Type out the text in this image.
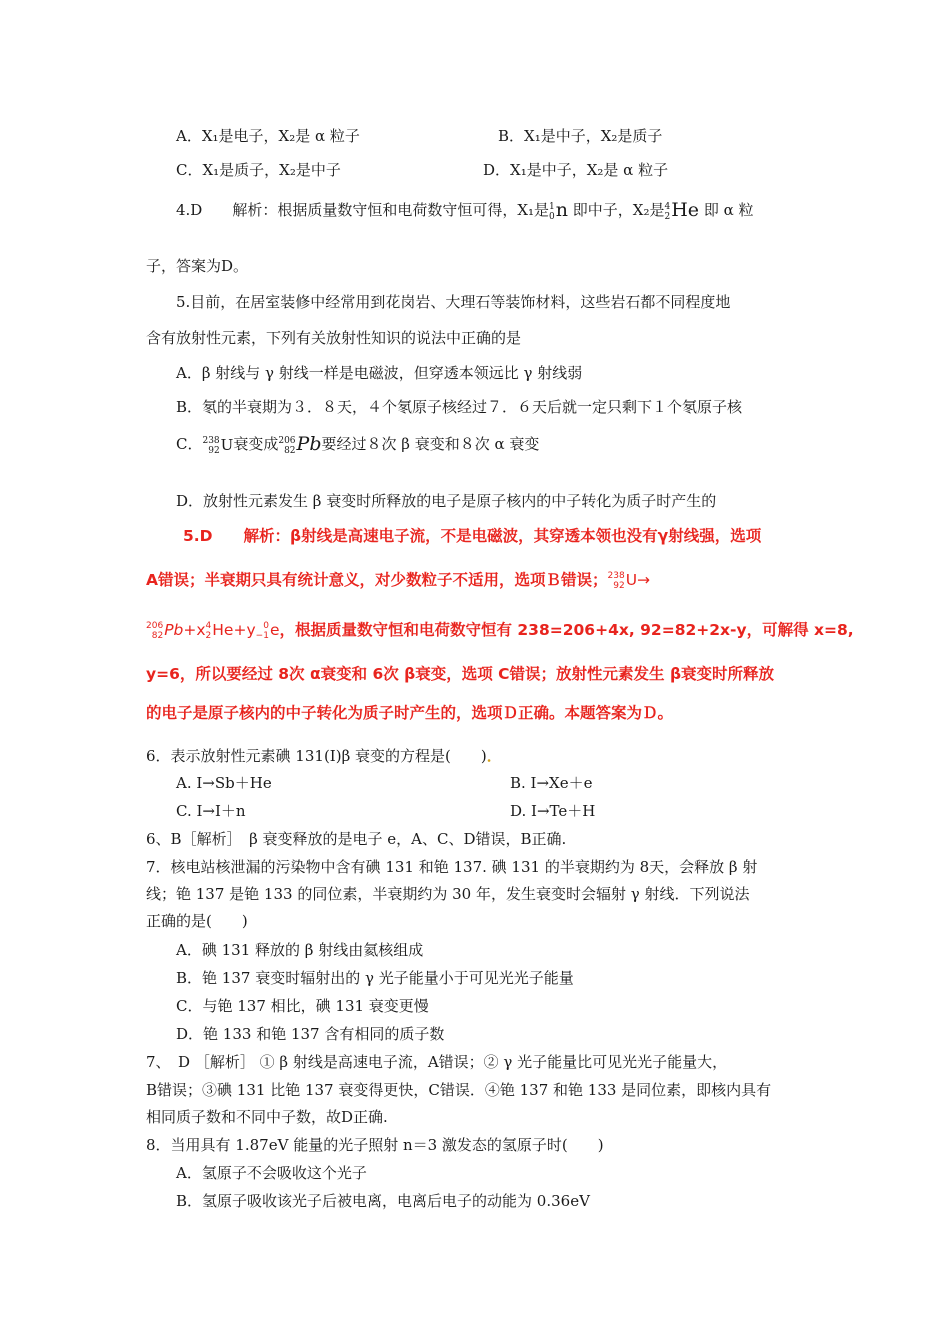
A．X₁是电子，X₂是 α 粒子	B．X₁是中子，X₂是质子
C．X₁是质子，X₂是中子	D．X₁是中子，X₂是 α 粒子
4.D　　解析：根据质量数守恒和电荷数守恒可得，X₁是 1
0 n 即中子，X₂是 4
2 He 即 α 粒
子，答案为D。
5.目前，在居室装修中经常用到花岗岩、大理石等装饰材料，这些岩石都不同程度地
含有放射性元素，下列有关放射性知识的说法中正确的是
A．β 射线与 γ 射线一样是电磁波，但穿透本领远比 γ 射线弱
B．氡的半衰期为３．８天，４个氡原子核经过７．６天后就一定只剩下１个氡原子核
C． 238
92 U衰变成 206
82 Pb要经过８次 β 衰变和８次 α 衰变
D．放射性元素发生 β 衰变时所释放的电子是原子核内的中子转化为质子时产生的
5.D　　解析：β射线是高速电子流，不是电磁波，其穿透本领也没有γ射线强，选项
A错误；半衰期只具有统计意义，对少数粒子不适用，选项Ｂ错误； 238
92 U→
206
82 Pb+x 4
2 He+y 0
−1 e，根据质量数守恒和电荷数守恒有 238=206+4x, 92=82+2x-y，可解得 x=8,
y=6，所以要经过 8次 α衰变和 6次 β衰变，选项 C错误；放射性元素发生 β衰变时所释放
的电子是原子核内的中子转化为质子时产生的，选项Ｄ正确。本题答案为Ｄ。
6．表示放射性元素碘 131(I)β 衰变的方程是(　　)．
A. I→Sb＋He	B. I→Xe＋e
C. I→I＋n	D. I→Te＋H
6、B［解析］　β 衰变释放的是电子 e，A、C、D错误，B正确.
7．核电站核泄漏的污染物中含有碘 131 和铯 137. 碘 131 的半衰期约为 8天，会释放 β 射
线；铯 137 是铯 133 的同位素，半衰期约为 30 年，发生衰变时会辐射 γ 射线．下列说法
正确的是(　　)
A．碘 131 释放的 β 射线由氦核组成
B．铯 137 衰变时辐射出的 γ 光子能量小于可见光光子能量
C．与铯 137 相比，碘 131 衰变更慢
D．铯 133 和铯 137 含有相同的质子数
7、　D ［解析］ ① β 射线是高速电子流，A错误；② γ 光子能量比可见光光子能量大，
B错误；③碘 131 比铯 137 衰变得更快，C错误．④铯 137 和铯 133 是同位素，即核内具有
相同质子数和不同中子数，故D正确.
8．当用具有 1.87eV 能量的光子照射 n＝3 激发态的氢原子时(　　)
A．氢原子不会吸收这个光子
B．氢原子吸收该光子后被电离，电离后电子的动能为 0.36eV
